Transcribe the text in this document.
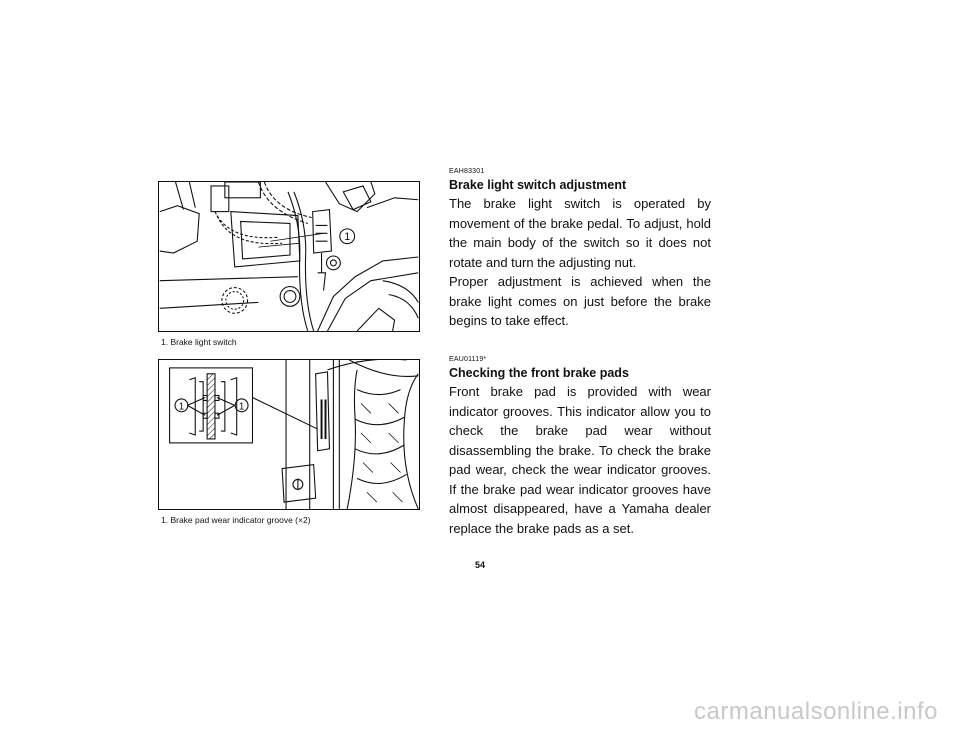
1
1. Brake light switch
1	1
1. Brake pad wear indicator groove (×2)

EAH83301

Brake light switch adjustment

The brake light switch is operated by movement of the brake pedal. To adjust, hold the main body of the switch so it does not rotate and turn the adjusting nut.

Proper adjustment is achieved when the brake light comes on just before the brake begins to take effect.

EAU01119*

Checking the front brake pads

Front brake pad is provided with wear indicator grooves. This indicator allow you to check the brake pad wear without disassembling the brake. To check the brake pad wear, check the wear indicator grooves. If the brake pad wear indicator grooves have almost disappeared, have a Yamaha dealer replace the brake pads as a set.

54
carmanualsonline.info
